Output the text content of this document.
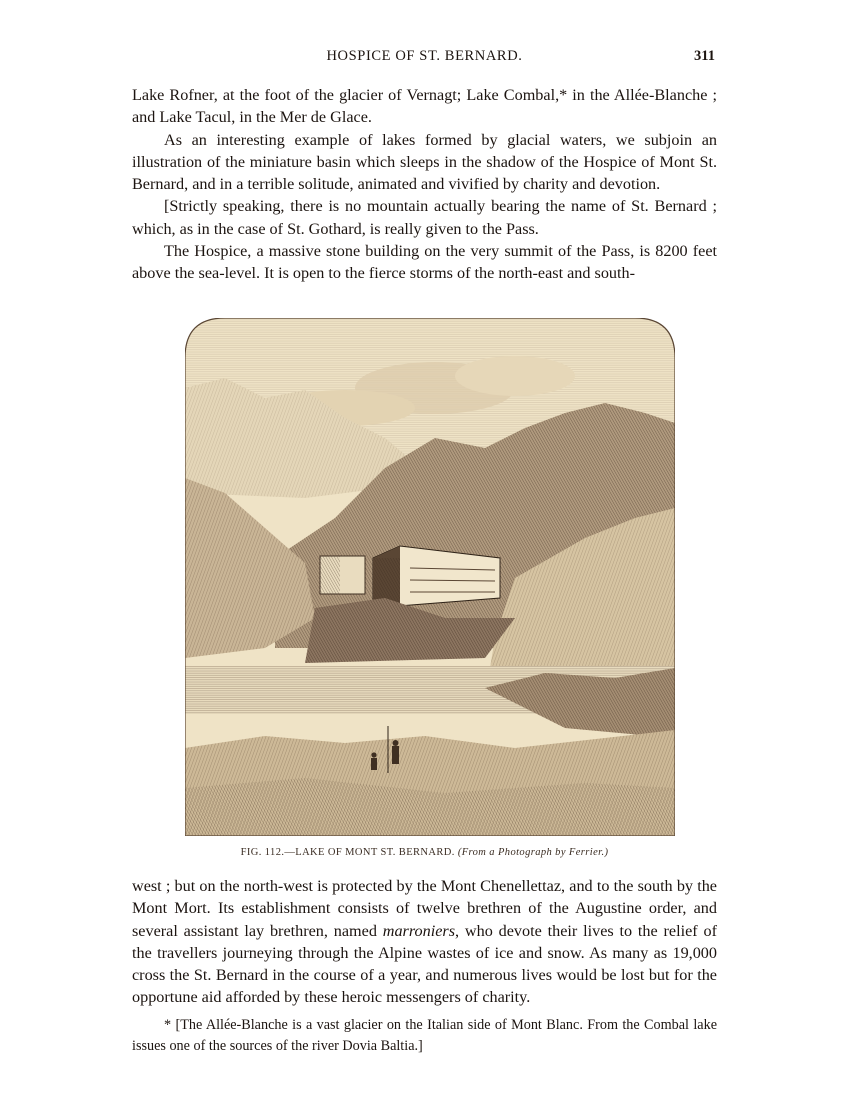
HOSPICE OF ST. BERNARD.	311

Lake Rofner, at the foot of the glacier of Vernagt; Lake Combal,* in the Allée-Blanche ; and Lake Tacul, in the Mer de Glace.

As an interesting example of lakes formed by glacial waters, we subjoin an illustration of the miniature basin which sleeps in the shadow of the Hospice of Mont St. Bernard, and in a terrible solitude, animated and vivified by charity and devotion.

[Strictly speaking, there is no mountain actually bearing the name of St. Bernard ; which, as in the case of St. Gothard, is really given to the Pass.

The Hospice, a massive stone building on the very summit of the Pass, is 8200 feet above the sea-level. It is open to the fierce storms of the north-east and south-

FIG. 112.—LAKE OF MONT ST. BERNARD. (From a Photograph by Ferrier.)

west ; but on the north-west is protected by the Mont Chenellettaz, and to the south by the Mont Mort. Its establishment consists of twelve brethren of the Augustine order, and several assistant lay brethren, named marroniers, who devote their lives to the relief of the travellers journeying through the Alpine wastes of ice and snow. As many as 19,000 cross the St. Bernard in the course of a year, and numerous lives would be lost but for the opportune aid afforded by these heroic messengers of charity.

* [The Allée-Blanche is a vast glacier on the Italian side of Mont Blanc. From the Combal lake issues one of the sources of the river Dovia Baltia.]
